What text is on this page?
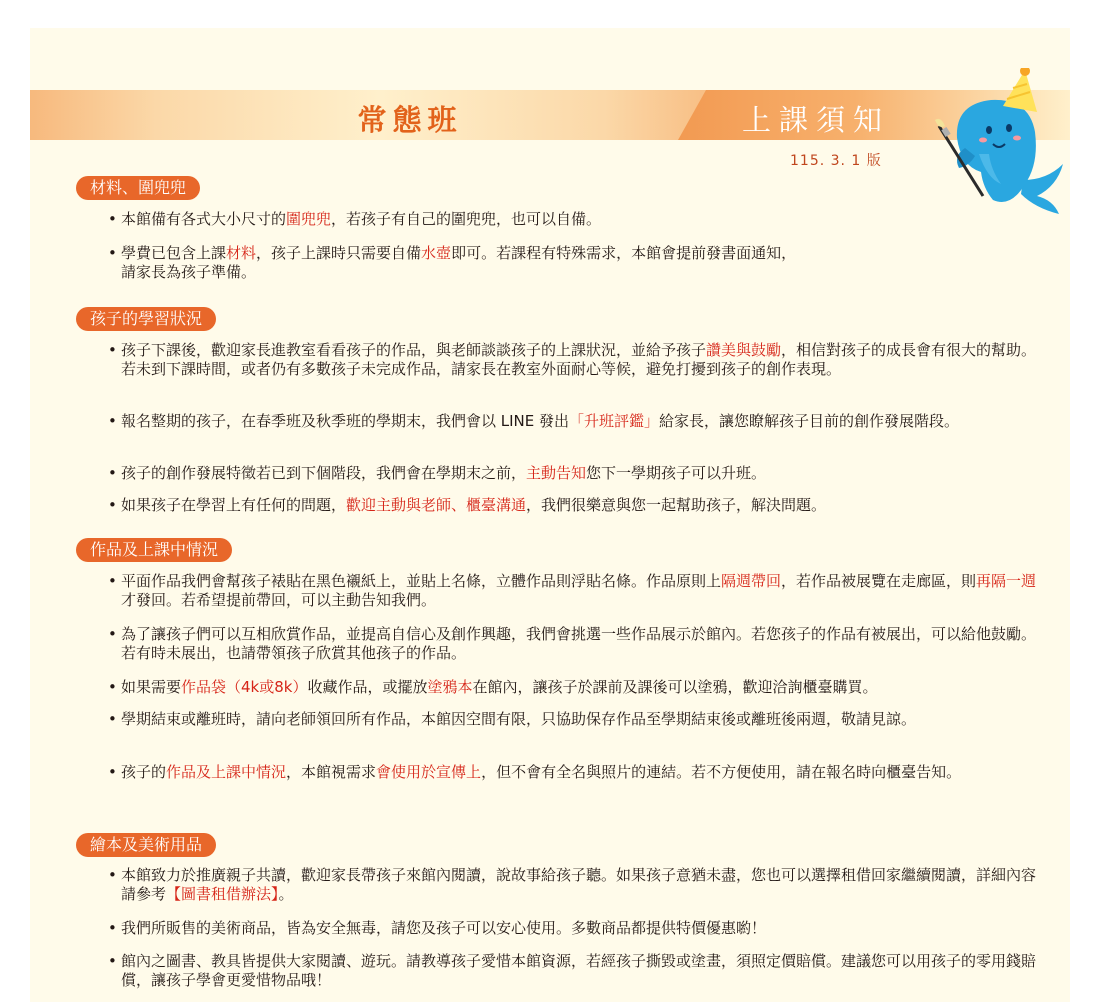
常態班	上課須知
115. 3. 1 版
材料、圍兜兜
• 本館備有各式大小尺寸的圍兜兜，若孩子有自己的圍兜兜，也可以自備。
• 學費已包含上課材料，孩子上課時只需要自備水壺即可。若課程有特殊需求，本館會提前發書面通知，
請家長為孩子準備。
孩子的學習狀況
• 孩子下課後，歡迎家長進教室看看孩子的作品，與老師談談孩子的上課狀況，並給予孩子讚美與鼓勵，相信對孩子的成長會有很大的幫助。若未到下課時間，或者仍有多數孩子未完成作品，請家長在教室外面耐心等候，避免打擾到孩子的創作表現。
• 報名整期的孩子，在春季班及秋季班的學期末，我們會以 LINE 發出「升班評鑑」給家長，讓您瞭解孩子目前的創作發展階段。
• 孩子的創作發展特徵若已到下個階段，我們會在學期末之前，主動告知您下一學期孩子可以升班。
• 如果孩子在學習上有任何的問題，歡迎主動與老師、櫃臺溝通，我們很樂意與您一起幫助孩子，解決問題。
作品及上課中情況
• 平面作品我們會幫孩子裱貼在黑色襯紙上，並貼上名條，立體作品則浮貼名條。作品原則上隔週帶回，若作品被展覽在走廊區，則再隔一週才發回。若希望提前帶回，可以主動告知我們。
• 為了讓孩子們可以互相欣賞作品，並提高自信心及創作興趣，我們會挑選一些作品展示於館內。若您孩子的作品有被展出，可以給他鼓勵。若有時未展出，也請帶領孩子欣賞其他孩子的作品。
• 如果需要作品袋（4k或8k）收藏作品，或擺放塗鴉本在館內，讓孩子於課前及課後可以塗鴉，歡迎洽詢櫃臺購買。
• 學期結束或離班時，請向老師領回所有作品，本館因空間有限，只協助保存作品至學期結束後或離班後兩週，敬請見諒。
• 孩子的作品及上課中情況，本館視需求會使用於宣傳上，但不會有全名與照片的連結。若不方便使用，請在報名時向櫃臺告知。
繪本及美術用品
• 本館致力於推廣親子共讀，歡迎家長帶孩子來館內閱讀，說故事給孩子聽。如果孩子意猶未盡，您也可以選擇租借回家繼續閱讀，詳細內容請參考【圖書租借辦法】。
• 我們所販售的美術商品，皆為安全無毒，請您及孩子可以安心使用。多數商品都提供特價優惠喲！
• 館內之圖書、教具皆提供大家閱讀、遊玩。請教導孩子愛惜本館資源，若經孩子撕毀或塗畫，須照定價賠償。建議您可以用孩子的零用錢賠償，讓孩子學會更愛惜物品哦！
